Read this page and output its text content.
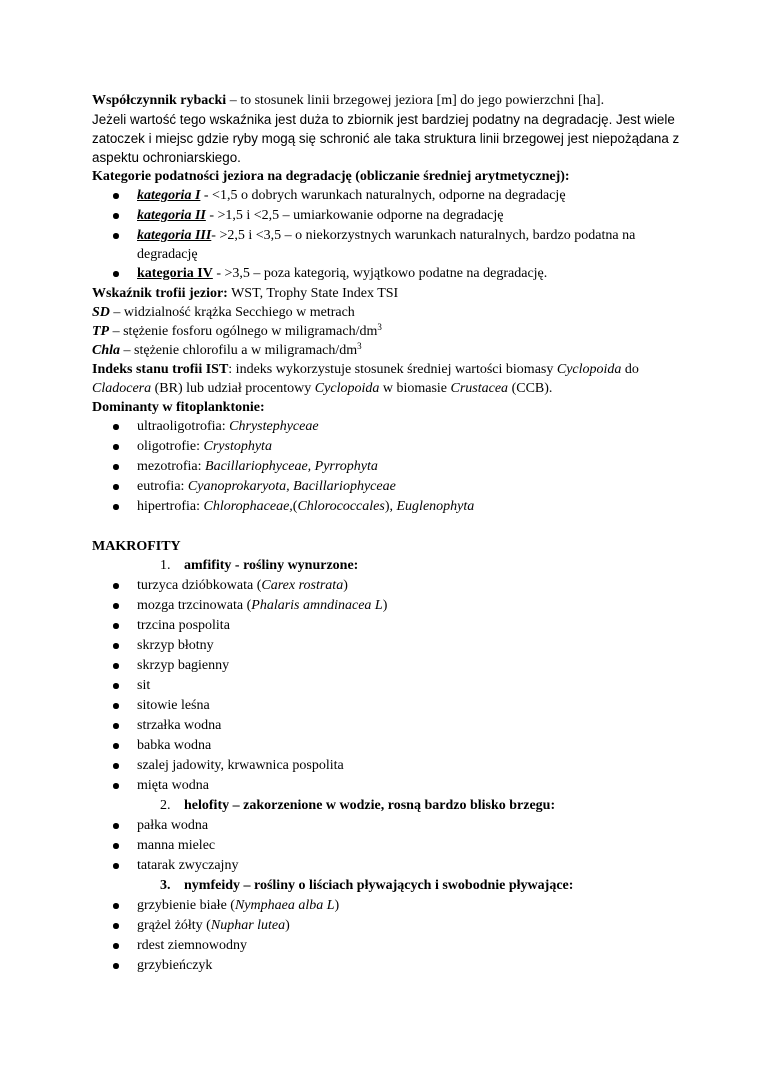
Współczynnik rybacki – to stosunek linii brzegowej jeziora [m] do jego powierzchni [ha].

Jeżeli wartość tego wskaźnika jest duża to zbiornik jest bardziej podatny na degradację. Jest wiele zatoczek i miejsc gdzie ryby mogą się schronić ale taka struktura linii brzegowej jest niepożądana z aspektu ochroniarskiego.

Kategorie podatności jeziora na degradację (obliczanie średniej arytmetycznej):

kategoria I - <1,5 o dobrych warunkach naturalnych, odporne na degradację
kategoria II - >1,5 i <2,5 – umiarkowanie odporne na degradację
kategoria III- >2,5 i <3,5 – o niekorzystnych warunkach naturalnych, bardzo podatna na degradację
kategoria IV - >3,5 – poza kategorią, wyjątkowo podatne na degradację.

Wskaźnik trofii jezior: WST, Trophy State Index TSI

SD – widzialność krążka Secchiego w metrach

TP – stężenie fosforu ogólnego w miligramach/$dm^3$

Chla – stężenie chlorofilu a w miligramach/$dm^3$

Indeks stanu trofii IST: indeks wykorzystuje stosunek średniej wartości biomasy Cyclopoida do Cladocera (BR) lub udział procentowy Cyclopoida w biomasie Crustacea (CCB).

Dominanty w fitoplanktonie:

ultraoligotrofia: Chrystephyceae
oligotrofie: Crystophyta
mezotrofia: Bacillariophyceae, Pyrrophyta
eutrofia: Cyanoprokaryota, Bacillariophyceae
hipertrofia: Chlorophaceae,(Chlorococcales), Euglenophyta

MAKROFITY

1. amfifity - rośliny wynurzone:

turzyca dzióbkowata (Carex rostrata)
mozga trzcinowata (Phalaris amndinacea L)
trzcina pospolita
skrzyp błotny
skrzyp bagienny
sit
sitowie leśna
strzałka wodna
babka wodna
szalej jadowity, krwawnica pospolita
mięta wodna

2. helofity – zakorzenione w wodzie, rosną bardzo blisko brzegu:

pałka wodna
manna mielec
tatarak zwyczajny

3. nymfeidy – rośliny o liściach pływających i swobodnie pływające:

grzybienie białe (Nymphaea alba L)
grążel żółty (Nuphar lutea)
rdest ziemnowodny
grzybieńczyk
